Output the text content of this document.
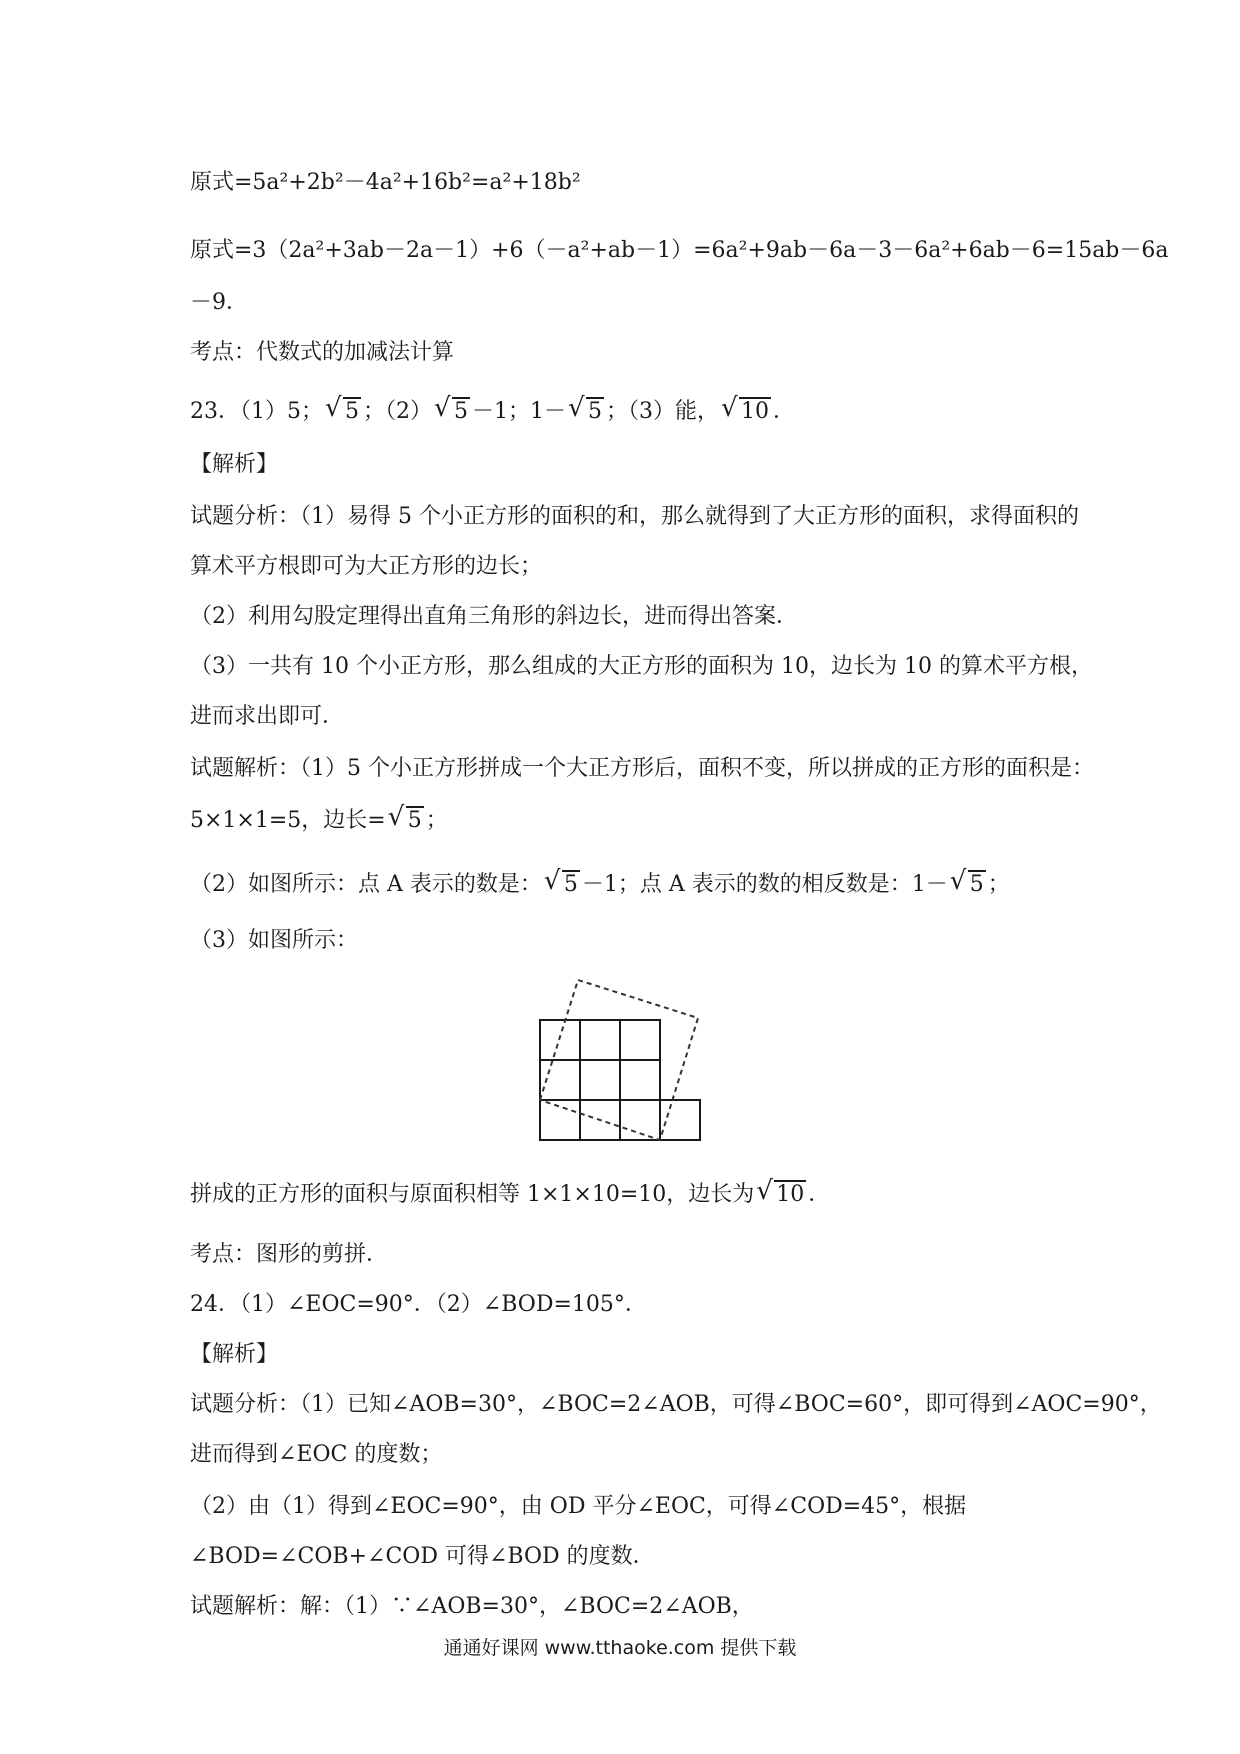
原式=5a²+2b²－4a²+16b²=a²+18b²
原式=3（2a²+3ab－2a－1）+6（－a²+ab－1）=6a²+9ab－6a－3－6a²+6ab－6=15ab－6a
－9．
考点：代数式的加减法计算
23．（1）5； √ 5 ；（2） √ 5 －1；1－ √ 5 ；（3）能， √ 10 ．
【解析】
试题分析：（1）易得 5 个小正方形的面积的和，那么就得到了大正方形的面积，求得面积的
算术平方根即可为大正方形的边长；
（2）利用勾股定理得出直角三角形的斜边长，进而得出答案．
（3）一共有 10 个小正方形，那么组成的大正方形的面积为 10，边长为 10 的算术平方根，
进而求出即可．
试题解析：（1）5 个小正方形拼成一个大正方形后，面积不变，所以拼成的正方形的面积是：
5×1×1=5，边长= √ 5 ；
（2）如图所示：点 A 表示的数是： √ 5 －1；点 A 表示的数的相反数是：1－ √ 5 ；
（3）如图所示：
拼成的正方形的面积与原面积相等 1×1×10=10，边长为 √ 10 ．
考点：图形的剪拼．
24．（1）∠EOC=90°．（2）∠BOD=105°．
【解析】
试题分析：（1）已知∠AOB=30°，∠BOC=2∠AOB，可得∠BOC=60°，即可得到∠AOC=90°，
进而得到∠EOC 的度数；
（2）由（1）得到∠EOC=90°，由 OD 平分∠EOC，可得∠COD=45°，根据
∠BOD=∠COB+∠COD 可得∠BOD 的度数．
试题解析：解：（1）∵∠AOB=30°，∠BOC=2∠AOB，
通通好课网 www.tthaoke.com 提供下载
